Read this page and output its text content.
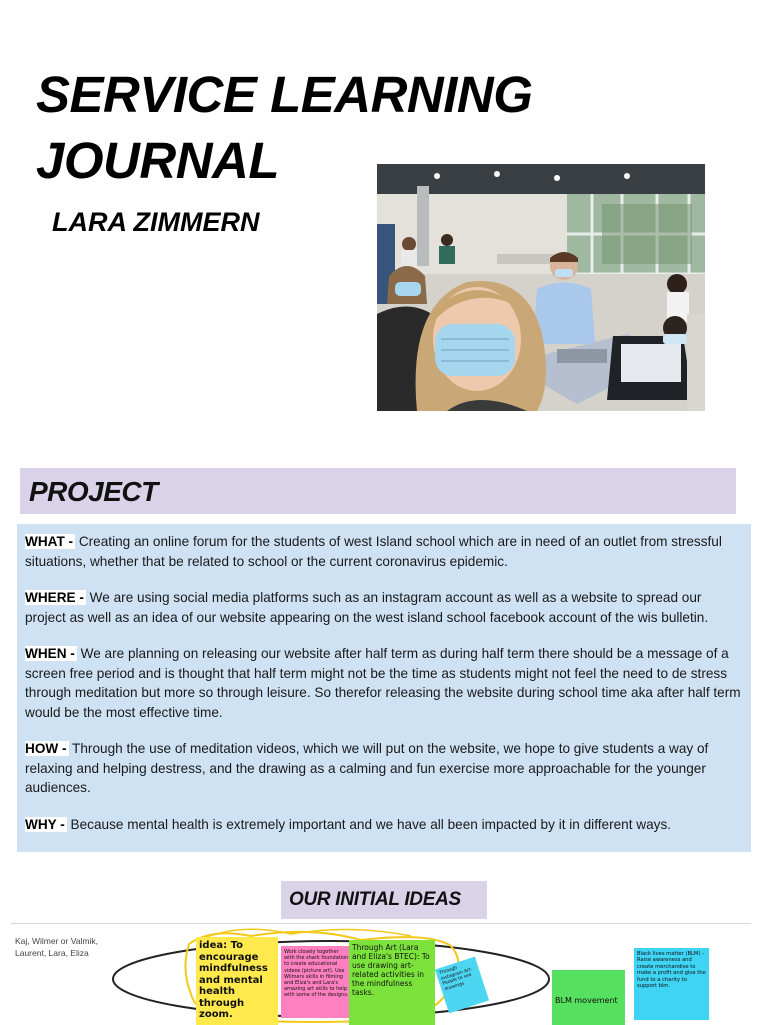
SERVICE LEARNING
JOURNAL
LARA ZIMMERN
PROJECT

WHAT - Creating an online forum for the students of west Island school which are in need of an outlet from stressful situations, whether that be related to school or the current coronavirus epidemic.

WHERE - We are using social media platforms such as an instagram account as well as a website to spread our project as well as an idea of our website appearing on the west island school facebook account of the wis bulletin.

WHEN - We are planning on releasing our website after half term as during half term there should be a message of a screen free period and is thought that half term might not be the time as students might not feel the need to de stress through meditation but more so through leisure. So therefor releasing the website during school time aka after half term would be the most effective time.

HOW - Through the use of meditation videos, which we will put on the website, we hope to give students a way of relaxing and helping destress, and the drawing as a calming and fun exercise more approachable for the younger audiences.

WHY - Because mental health is extremely important and we have all been impacted by it in different ways.

OUR INITIAL IDEAS
Kaj, Wilmer or Valmik, Laurent, Lara, Eliza
idea: To encourage mindfulness and mental health through zoom.
Work closely together with the shark foundation to create educational videos (picture art). Use Wilmers skills in filming and Eliza's and Lara's amazing art skills to help with some of the designs.
Through Art (Lara and Eliza's BTEC): To use drawing art-related activities in the mindfulness tasks.
Through Instagram Art- People to see drawings
BLM movement
Black lives matter (BLM) - Raise awareness and create merchandise to make a profit and give the fund to a charity to support blm.
